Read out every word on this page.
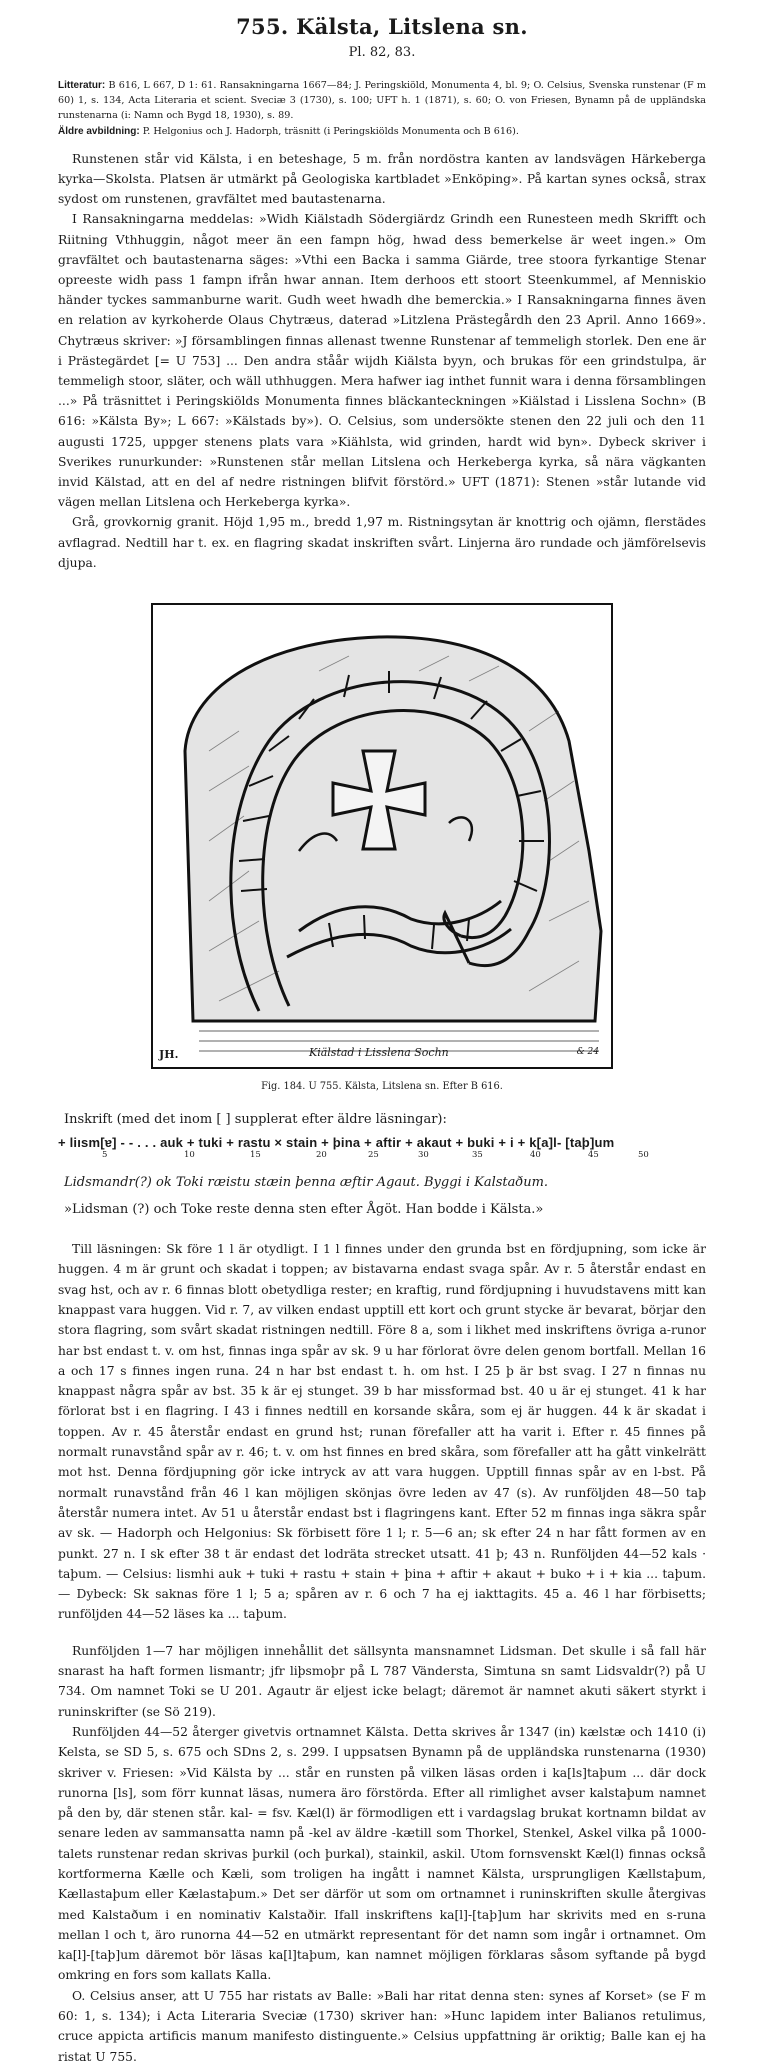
755. Kälsta, Litslena sn.
Pl. 82, 83.
Litteratur: B 616, L 667, D 1: 61. Ransakningarna 1667—84; J. Peringskiöld, Monumenta 4, bl. 9; O. Celsius, Svenska runstenar (F m 60) 1, s. 134, Acta Literaria et scient. Sveciæ 3 (1730), s. 100; UFT h. 1 (1871), s. 60; O. von Friesen, Bynamn på de uppländska runstenarna (i: Namn och Bygd 18, 1930), s. 89.
Äldre avbildning: P. Helgonius och J. Hadorph, träsnitt (i Peringskiölds Monumenta och B 616).

Runstenen står vid Kälsta, i en beteshage, 5 m. från nordöstra kanten av landsvägen Härkeberga kyrka—Skolsta. Platsen är utmärkt på Geologiska kartbladet »Enköping». På kartan synes också, strax sydost om runstenen, gravfältet med bautastenarna.

I Ransakningarna meddelas: »Widh Kiälstadh Södergiärdz Grindh een Runesteen medh Skrifft och Riitning Vthhuggin, något meer än een fampn hög, hwad dess bemerkelse är weet ingen.» Om gravfältet och bautastenarna säges: »Vthi een Backa i samma Giärde, tree stoora fyrkantige Stenar opreeste widh pass 1 fampn ifrån hwar annan. Item derhoos ett stoort Steenkummel, af Menniskio händer tyckes sammanburne warit. Gudh weet hwadh dhe bemerckia.» I Ransakningarna finnes även en relation av kyrkoherde Olaus Chytræus, daterad »Litzlena Prästegårdh den 23 April. Anno 1669». Chytræus skriver: »J församblingen finnas allenast twenne Runstenar af temmeligh storlek. Den ene är i Prästegärdet [= U 753] ... Den andra ståår wijdh Kiälsta byyn, och brukas för een grindstulpa, är temmeligh stoor, släter, och wäll uthhuggen. Mera hafwer iag inthet funnit wara i denna församblingen ...» På träsnittet i Peringskiölds Monumenta finnes bläckanteckningen »Kiälstad i Lisslena Sochn» (B 616: »Kälsta By»; L 667: »Kälstads by»). O. Celsius, som undersökte stenen den 22 juli och den 11 augusti 1725, uppger stenens plats vara »Kiählsta, wid grinden, hardt wid byn». Dybeck skriver i Sverikes runurkunder: »Runstenen står mellan Litslena och Herkeberga kyrka, så nära vägkanten invid Kälstad, att en del af nedre ristningen blifvit förstörd.» UFT (1871): Stenen »står lutande vid vägen mellan Litslena och Herkeberga kyrka».

Grå, grovkornig granit. Höjd 1,95 m., bredd 1,97 m. Ristningsytan är knottrig och ojämn, flerstädes avflagrad. Nedtill har t. ex. en flagring skadat inskriften svårt. Linjerna äro rundade och jämförelsevis djupa.

JH.	Kiälstad i Lisslena Sochn	& 24
Fig. 184. U 755. Kälsta, Litslena sn. Efter B 616.
Inskrift (med det inom [ ] supplerat efter äldre läsningar):
+ liısm[ɐ] - - . . . auk + tuki + rastu × stain + þina + aftir + akaut + buki + i + k[a]l- [taþ]um
5	10	15	20	25	30	35	40	45	50
Lidsmandr(?) ok Toki ræistu stæin þenna æftir Agaut. Byggi i Kalstaðum.
»Lidsman (?) och Toke reste denna sten efter Ågöt. Han bodde i Kälsta.»

Till läsningen: Sk före 1 l är otydligt. I 1 l finnes under den grunda bst en fördjupning, som icke är huggen. 4 m är grunt och skadat i toppen; av bistavarna endast svaga spår. Av r. 5 återstår endast en svag hst, och av r. 6 finnas blott obetydliga rester; en kraftig, rund fördjupning i huvudstavens mitt kan knappast vara huggen. Vid r. 7, av vilken endast upptill ett kort och grunt stycke är bevarat, börjar den stora flagring, som svårt skadat ristningen nedtill. Före 8 a, som i likhet med inskriftens övriga a-runor har bst endast t. v. om hst, finnas inga spår av sk. 9 u har förlorat övre delen genom bortfall. Mellan 16 a och 17 s finnes ingen runa. 24 n har bst endast t. h. om hst. I 25 þ är bst svag. I 27 n finnas nu knappast några spår av bst. 35 k är ej stunget. 39 b har missformad bst. 40 u är ej stunget. 41 k har förlorat bst i en flagring. I 43 i finnes nedtill en korsande skåra, som ej är huggen. 44 k är skadat i toppen. Av r. 45 återstår endast en grund hst; runan förefaller att ha varit i. Efter r. 45 finnes på normalt runavstånd spår av r. 46; t. v. om hst finnes en bred skåra, som förefaller att ha gått vinkelrätt mot hst. Denna fördjupning gör icke intryck av att vara huggen. Upptill finnas spår av en l-bst. På normalt runavstånd från 46 l kan möjligen skönjas övre leden av 47 (s). Av runföljden 48—50 taþ återstår numera intet. Av 51 u återstår endast bst i flagringens kant. Efter 52 m finnas inga säkra spår av sk. — Hadorph och Helgonius: Sk förbisett före 1 l; r. 5—6 an; sk efter 24 n har fått formen av en punkt. 27 n. I sk efter 38 t är endast det lodräta strecket utsatt. 41 þ; 43 n. Runföljden 44—52 kals · taþum. — Celsius: lismhi auk + tuki + rastu + stain + þina + aftir + akaut + buko + i + kia ... taþum. — Dybeck: Sk saknas före 1 l; 5 a; spåren av r. 6 och 7 ha ej iakttagits. 45 a. 46 l har förbisetts; runföljden 44—52 läses ka ... taþum.

Runföljden 1—7 har möjligen innehållit det sällsynta mansnamnet Lidsman. Det skulle i så fall här snarast ha haft formen lismantr; jfr liþsmoþr på L 787 Vändersta, Simtuna sn samt Lidsvaldr(?) på U 734. Om namnet Toki se U 201. Agautr är eljest icke belagt; däremot är namnet akuti säkert styrkt i runinskrifter (se Sö 219).

Runföljden 44—52 återger givetvis ortnamnet Kälsta. Detta skrives år 1347 (in) kælstæ och 1410 (i) Kelsta, se SD 5, s. 675 och SDns 2, s. 299. I uppsatsen Bynamn på de uppländska runstenarna (1930) skriver v. Friesen: »Vid Kälsta by ... står en runsten på vilken läsas orden i ka[ls]taþum ... där dock runorna [ls], som förr kunnat läsas, numera äro förstörda. Efter all rimlighet avser kalstaþum namnet på den by, där stenen står. kal- = fsv. Kæl(l) är förmodligen ett i vardagslag brukat kortnamn bildat av senare leden av sammansatta namn på -kel av äldre -kætill som Thorkel, Stenkel, Askel vilka på 1000-talets runstenar redan skrivas þurkil (och þurkal), stainkil, askil. Utom fornsvenskt Kæl(l) finnas också kortformerna Kælle och Kæli, som troligen ha ingått i namnet Kälsta, ursprungligen Kællstaþum, Kællastaþum eller Kælastaþum.» Det ser därför ut som om ortnamnet i runinskriften skulle återgivas med Kalstaðum i en nominativ Kalstaðir. Ifall inskriftens ka[l]-[taþ]um har skrivits med en s-runa mellan l och t, äro runorna 44—52 en utmärkt representant för det namn som ingår i ortnamnet. Om ka[l]-[taþ]um däremot bör läsas ka[l]taþum, kan namnet möjligen förklaras såsom syftande på bygd omkring en fors som kallats Kalla.

O. Celsius anser, att U 755 har ristats av Balle: »Bali har ritat denna sten: synes af Korset» (se F m 60: 1, s. 134); i Acta Literaria Sveciæ (1730) skriver han: »Hunc lapidem inter Balianos retulimus, cruce appicta artificis manum manifesto distinguente.» Celsius uppfattning är oriktig; Balle kan ej ha ristat U 755.
